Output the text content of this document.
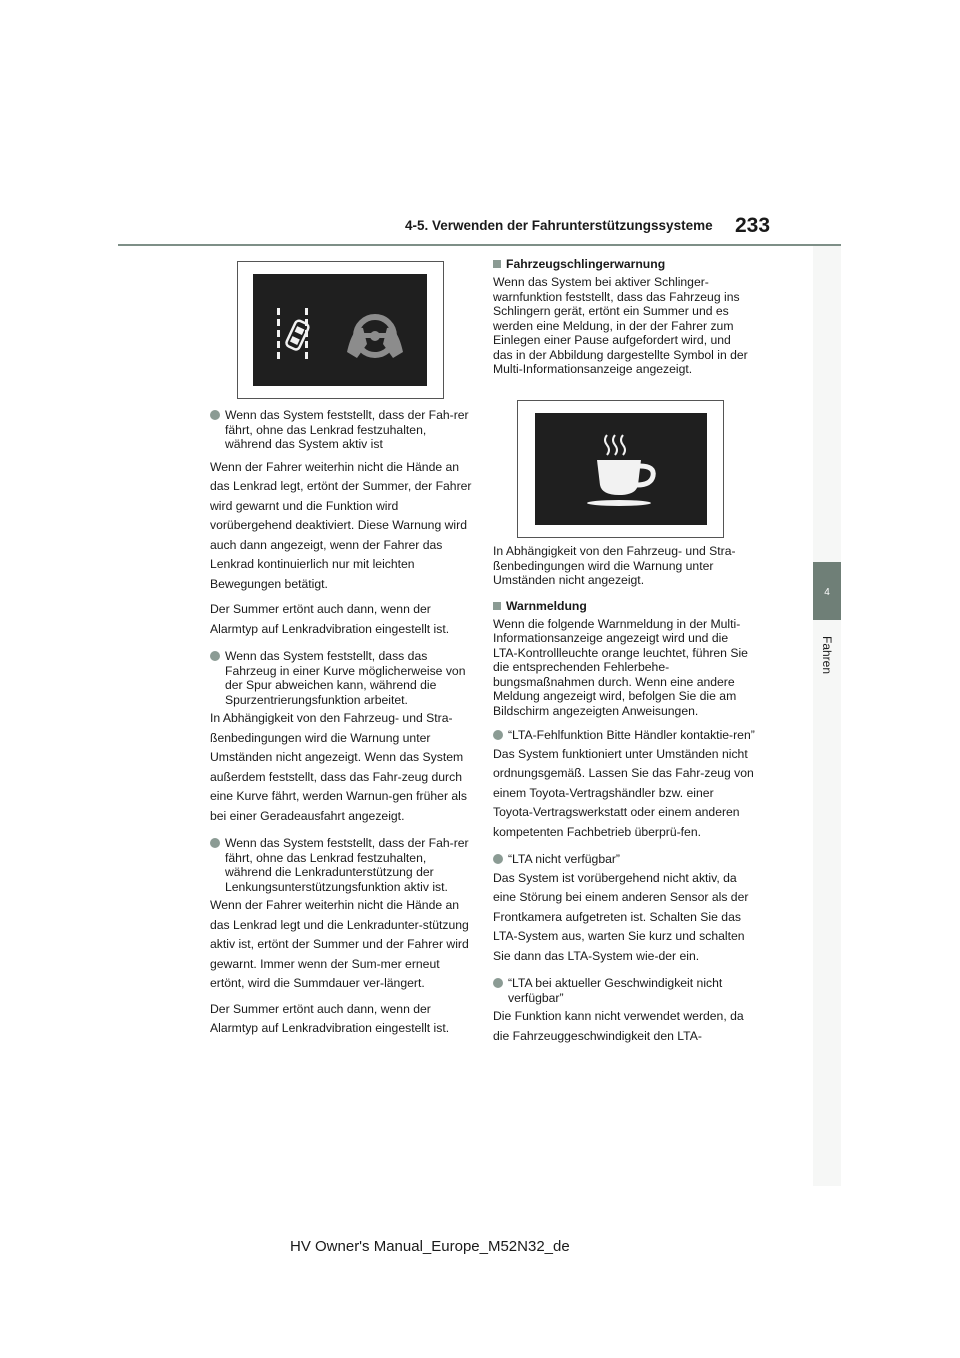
4-5. Verwenden der Fahrunterstützungssysteme 233
4
Fahren
Wenn das System feststellt, dass der Fah-rer fährt, ohne das Lenkrad festzuhalten, während das System aktiv ist

Wenn der Fahrer weiterhin nicht die Hände an das Lenkrad legt, ertönt der Summer, der Fahrer wird gewarnt und die Funktion wird vorübergehend deaktiviert. Diese Warnung wird auch dann angezeigt, wenn der Fahrer das Lenkrad kontinuierlich nur mit leichten Bewegungen betätigt.

Der Summer ertönt auch dann, wenn der Alarmtyp auf Lenkradvibration eingestellt ist.

Wenn das System feststellt, dass das Fahrzeug in einer Kurve möglicherweise von der Spur abweichen kann, während die Spurzentrierungsfunktion arbeitet.

In Abhängigkeit von den Fahrzeug- und Stra-ßenbedingungen wird die Warnung unter Umständen nicht angezeigt. Wenn das System außerdem feststellt, dass das Fahr-zeug durch eine Kurve fährt, werden Warnun-gen früher als bei einer Geradeausfahrt angezeigt.

Wenn das System feststellt, dass der Fah-rer fährt, ohne das Lenkrad festzuhalten, während die Lenkradunterstützung der Lenkungsunterstützungsfunktion aktiv ist.

Wenn der Fahrer weiterhin nicht die Hände an das Lenkrad legt und die Lenkradunter-stützung aktiv ist, ertönt der Summer und der Fahrer wird gewarnt. Immer wenn der Sum-mer erneut ertönt, wird die Summdauer ver-längert.

Der Summer ertönt auch dann, wenn der Alarmtyp auf Lenkradvibration eingestellt ist.

Fahrzeugschlingerwarnung

Wenn das System bei aktiver Schlinger-warnfunktion feststellt, dass das Fahrzeug ins Schlingern gerät, ertönt ein Summer und es werden eine Meldung, in der der Fahrer zum Einlegen einer Pause aufgefordert wird, und das in der Abbildung dargestellte Symbol in der Multi-Informationsanzeige angezeigt.

In Abhängigkeit von den Fahrzeug- und Stra-ßenbedingungen wird die Warnung unter Umständen nicht angezeigt.

Warnmeldung

Wenn die folgende Warnmeldung in der Multi-Informationsanzeige angezeigt wird und die LTA-Kontrollleuchte orange leuchtet, führen Sie die entsprechenden Fehlerbehe-bungsmaßnahmen durch. Wenn eine andere Meldung angezeigt wird, befolgen Sie die am Bildschirm angezeigten Anweisungen.

“LTA-Fehlfunktion Bitte Händler kontaktie-ren”

Das System funktioniert unter Umständen nicht ordnungsgemäß. Lassen Sie das Fahr-zeug von einem Toyota-Vertragshändler bzw. einer Toyota-Vertragswerkstatt oder einem anderen kompetenten Fachbetrieb überprü-fen.

“LTA nicht verfügbar”

Das System ist vorübergehend nicht aktiv, da eine Störung bei einem anderen Sensor als der Frontkamera aufgetreten ist. Schalten Sie das LTA-System aus, warten Sie kurz und schalten Sie dann das LTA-System wie-der ein.

“LTA bei aktueller Geschwindigkeit nicht verfügbar”

Die Funktion kann nicht verwendet werden, da die Fahrzeuggeschwindigkeit den LTA-

HV Owner's Manual_Europe_M52N32_de
